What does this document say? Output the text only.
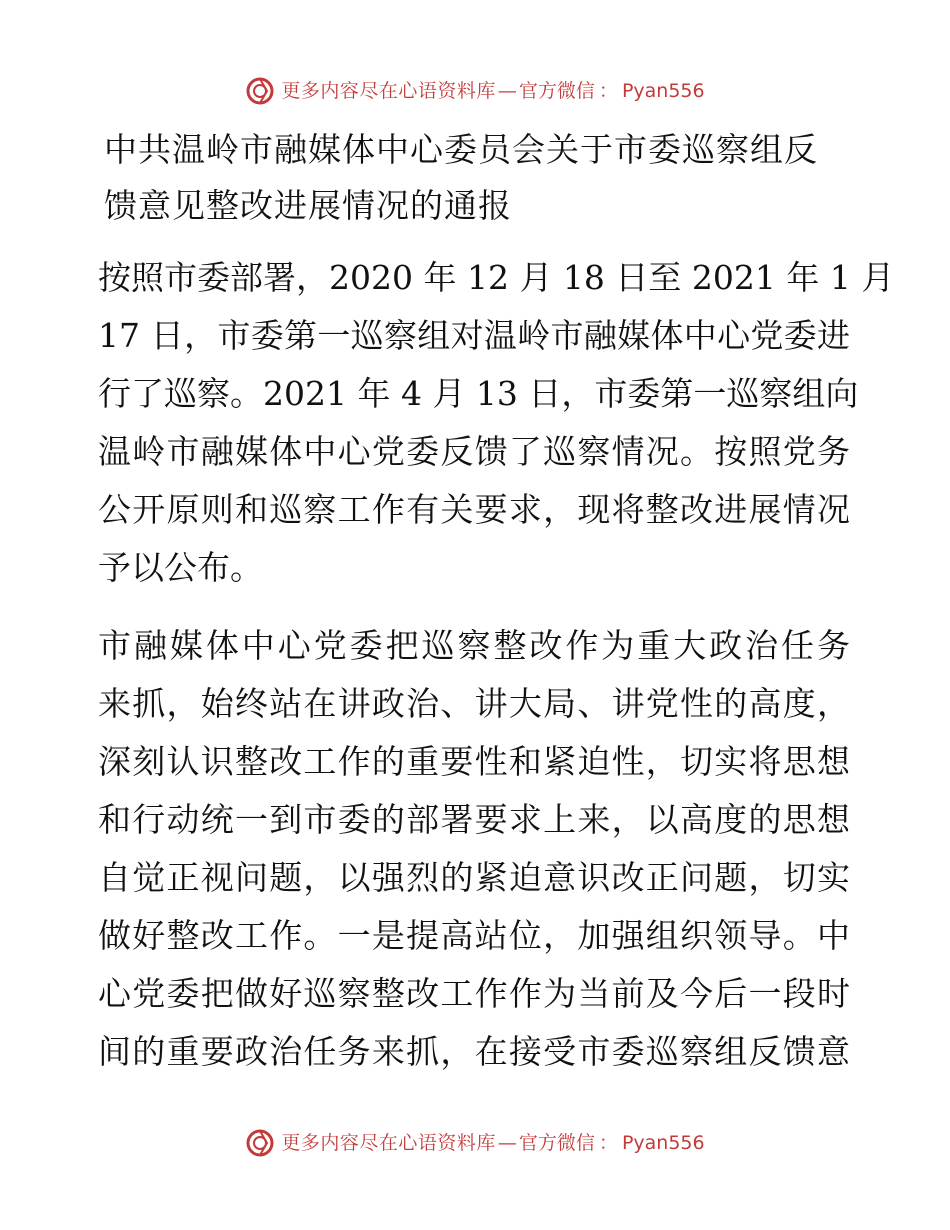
更多内容尽在心语资料库 — 官方微信 ： Pyan556
中共温岭市融媒体中心委员会关于市委巡察组反
馈意见整改进展情况的通报
按照市委部署，2020 年 12 月 18 日至 2021 年 1 月
17 日，市委第一巡察组对温岭市融媒体中心党委进
行了巡察。2021 年 4 月 13 日，市委第一巡察组向
温岭市融媒体中心党委反馈了巡察情况。按照党务
公开原则和巡察工作有关要求，现将整改进展情况
予以公布。
市融媒体中心党委把巡察整改作为重大政治任务
来抓，始终站在讲政治、讲大局、讲党性的高度，
深刻认识整改工作的重要性和紧迫性，切实将思想
和行动统一到市委的部署要求上来，以高度的思想
自觉正视问题，以强烈的紧迫意识改正问题，切实
做好整改工作。一是提高站位，加强组织领导。中
心党委把做好巡察整改工作作为当前及今后一段时
间的重要政治任务来抓，在接受市委巡察组反馈意
更多内容尽在心语资料库 — 官方微信 ： Pyan556
